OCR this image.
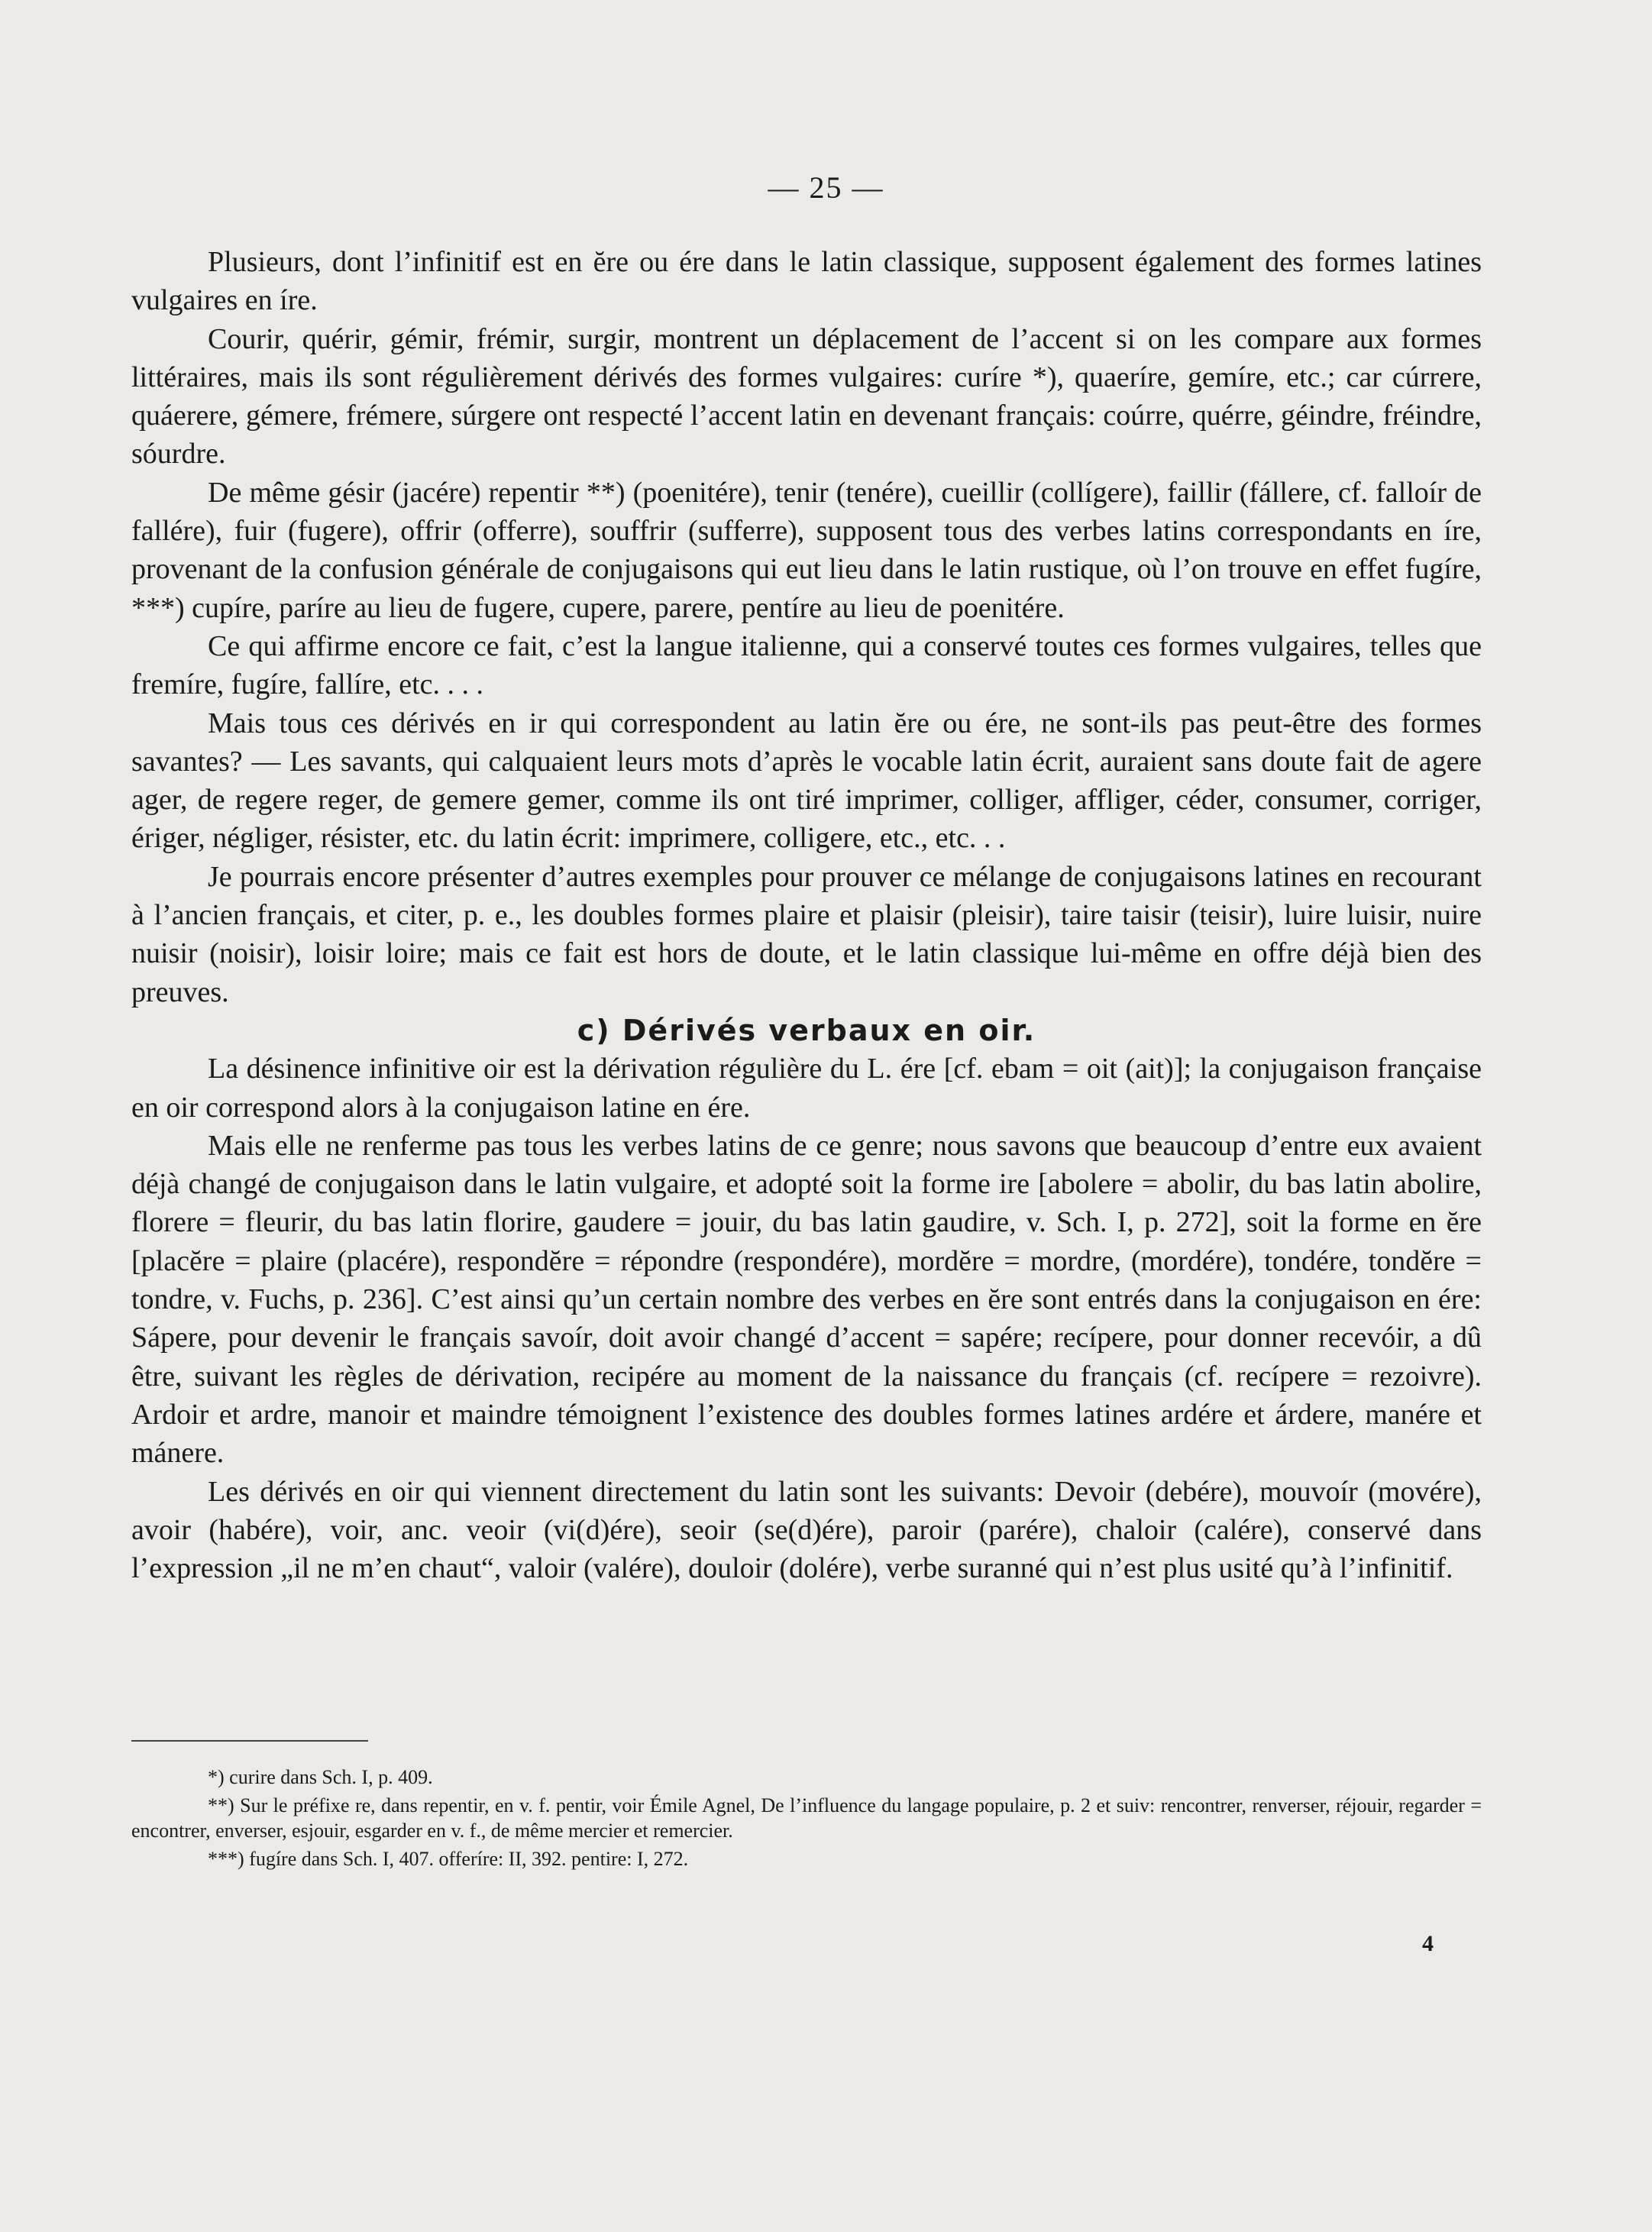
— 25 —

Plusieurs, dont l’infinitif est en ĕre ou ére dans le latin classique, supposent également des formes latines vulgaires en íre.

Courir, quérir, gémir, frémir, surgir, montrent un déplacement de l’accent si on les compare aux formes littéraires, mais ils sont régulièrement dérivés des formes vulgaires: curíre *), quaeríre, gemíre, etc.; car cúrrere, quáerere, gémere, frémere, súrgere ont respecté l’accent latin en devenant français: coúrre, quérre, géindre, fréindre, sóurdre.

De même gésir (jacére) repentir **) (poenitére), tenir (tenére), cueillir (collígere), faillir (fállere, cf. falloír de fallére), fuir (fugere), offrir (offerre), souffrir (sufferre), supposent tous des verbes latins correspondants en íre, provenant de la confusion générale de conjugaisons qui eut lieu dans le latin rustique, où l’on trouve en effet fugíre, ***) cupíre, paríre au lieu de fugere, cupere, parere, pentíre au lieu de poenitére.

Ce qui affirme encore ce fait, c’est la langue italienne, qui a conservé toutes ces formes vulgaires, telles que fremíre, fugíre, fallíre, etc. . . .

Mais tous ces dérivés en ir qui correspondent au latin ĕre ou ére, ne sont-ils pas peut-être des formes savantes? — Les savants, qui calquaient leurs mots d’après le vocable latin écrit, auraient sans doute fait de agere ager, de regere reger, de gemere gemer, comme ils ont tiré imprimer, colliger, affliger, céder, consumer, corriger, ériger, négliger, résister, etc. du latin écrit: imprimere, colligere, etc., etc. . .

Je pourrais encore présenter d’autres exemples pour prouver ce mélange de conjugaisons latines en recourant à l’ancien français, et citer, p. e., les doubles formes plaire et plaisir (pleisir), taire taisir (teisir), luire luisir, nuire nuisir (noisir), loisir loire; mais ce fait est hors de doute, et le latin classique lui-même en offre déjà bien des preuves.

c) Dérivés verbaux en oir.

La désinence infinitive oir est la dérivation régulière du L. ére [cf. ebam = oit (ait)]; la conjugaison française en oir correspond alors à la conjugaison latine en ére.

Mais elle ne renferme pas tous les verbes latins de ce genre; nous savons que beaucoup d’entre eux avaient déjà changé de conjugaison dans le latin vulgaire, et adopté soit la forme ire [abolere = abolir, du bas latin abolire, florere = fleurir, du bas latin florire, gaudere = jouir, du bas latin gaudire, v. Sch. I, p. 272], soit la forme en ĕre [placĕre = plaire (placére), respondĕre = répondre (respondére), mordĕre = mordre, (mordére), tondére, tondĕre = tondre, v. Fuchs, p. 236]. C’est ainsi qu’un certain nombre des verbes en ĕre sont entrés dans la conjugaison en ére: Sápere, pour devenir le français savoír, doit avoir changé d’accent = sapére; recípere, pour donner recevóir, a dû être, suivant les règles de dérivation, recipére au moment de la naissance du français (cf. recípere = rezoivre). Ardoir et ardre, manoir et maindre témoignent l’existence des doubles formes latines ardére et árdere, manére et mánere.

Les dérivés en oir qui viennent directement du latin sont les suivants: Devoir (debére), mouvoír (movére), avoir (habére), voir, anc. veoir (vi(d)ére), seoir (se(d)ére), paroir (parére), chaloir (calére), conservé dans l’expression „il ne m’en chaut“, valoir (valére), douloir (dolére), verbe suranné qui n’est plus usité qu’à l’infinitif.

*) curire dans Sch. I, p. 409.

**) Sur le préfixe re, dans repentir, en v. f. pentir, voir Émile Agnel, De l’influence du langage populaire, p. 2 et suiv: rencontrer, renverser, réjouir, regarder = encontrer, enverser, esjouir, esgarder en v. f., de même mercier et remercier.

***) fugíre dans Sch. I, 407. offeríre: II, 392. pentire: I, 272.

4
